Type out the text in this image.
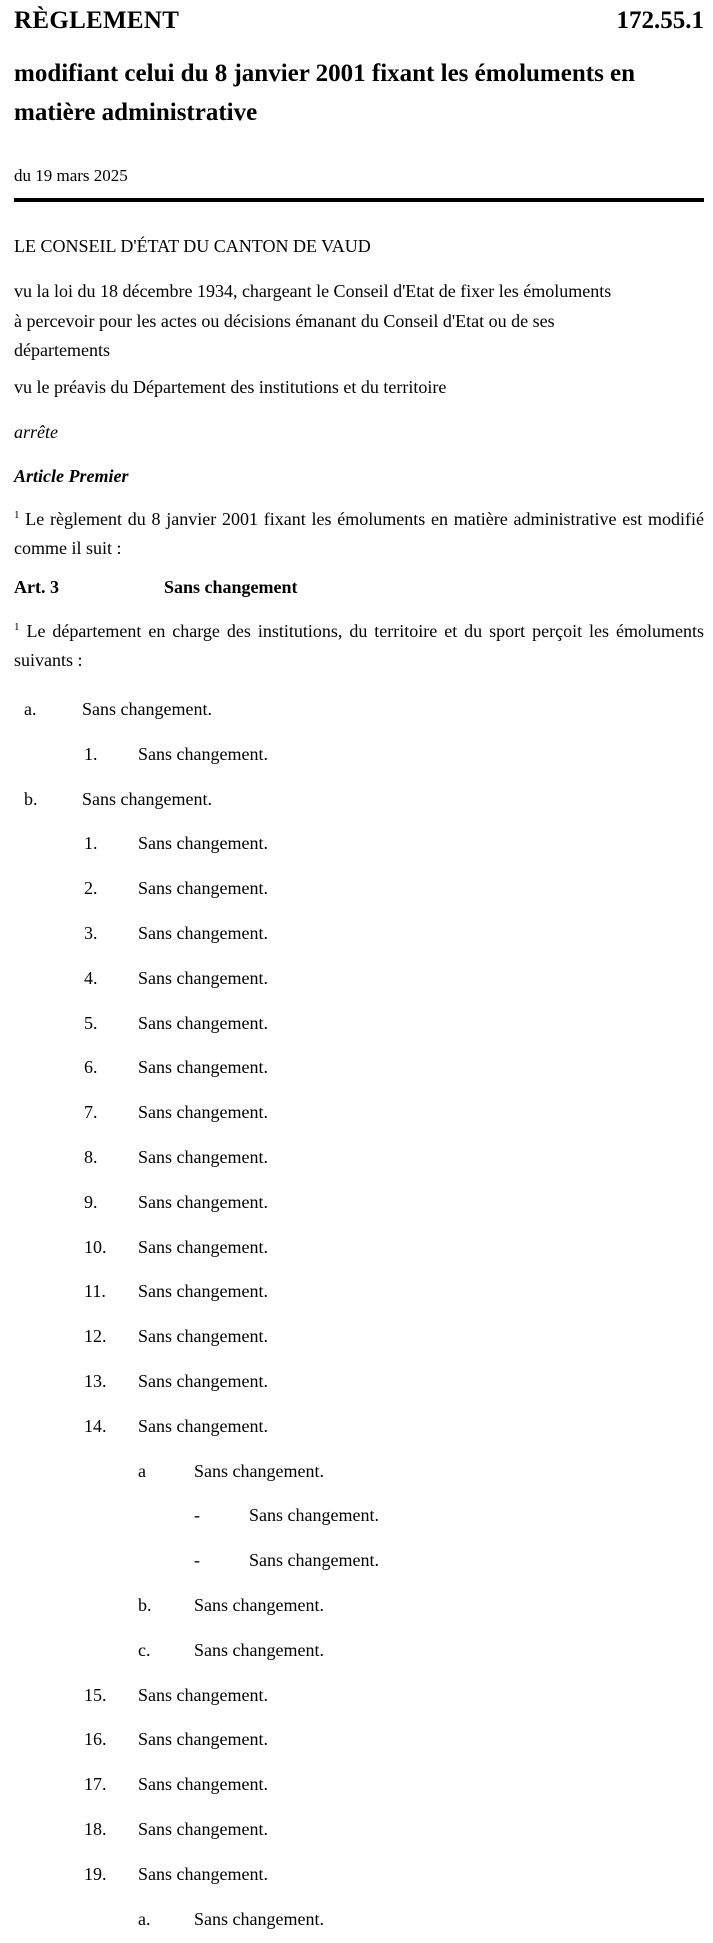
RÈGLEMENT	172.55.1
modifiant celui du 8 janvier 2001 fixant les émoluments en matière administrative
du 19 mars 2025
LE CONSEIL D'ÉTAT DU CANTON DE VAUD
vu la loi du 18 décembre 1934, chargeant le Conseil d'Etat de fixer les émoluments
à percevoir pour les actes ou décisions émanant du Conseil d'Etat ou de ses
départements
vu le préavis du Département des institutions et du territoire
arrête
Article Premier
$^1$ Le règlement du 8 janvier 2001 fixant les émoluments en matière administrative est modifié comme il suit :
Art. 3	Sans changement
$^1$ Le département en charge des institutions, du territoire et du sport perçoit les émoluments suivants :
a.	Sans changement.
1. Sans changement.
b. Sans changement.
1. Sans changement.
2. Sans changement.
3. Sans changement.
4. Sans changement.
5. Sans changement.
6. Sans changement.
7. Sans changement.
8. Sans changement.
9. Sans changement.
10. Sans changement.
11. Sans changement.
12. Sans changement.
13. Sans changement.
14. Sans changement.
a	Sans changement.
-	Sans changement.
-	Sans changement.
b. Sans changement.
c. Sans changement.
15. Sans changement.
16. Sans changement.
17. Sans changement.
18. Sans changement.
19. Sans changement.
a. Sans changement.
